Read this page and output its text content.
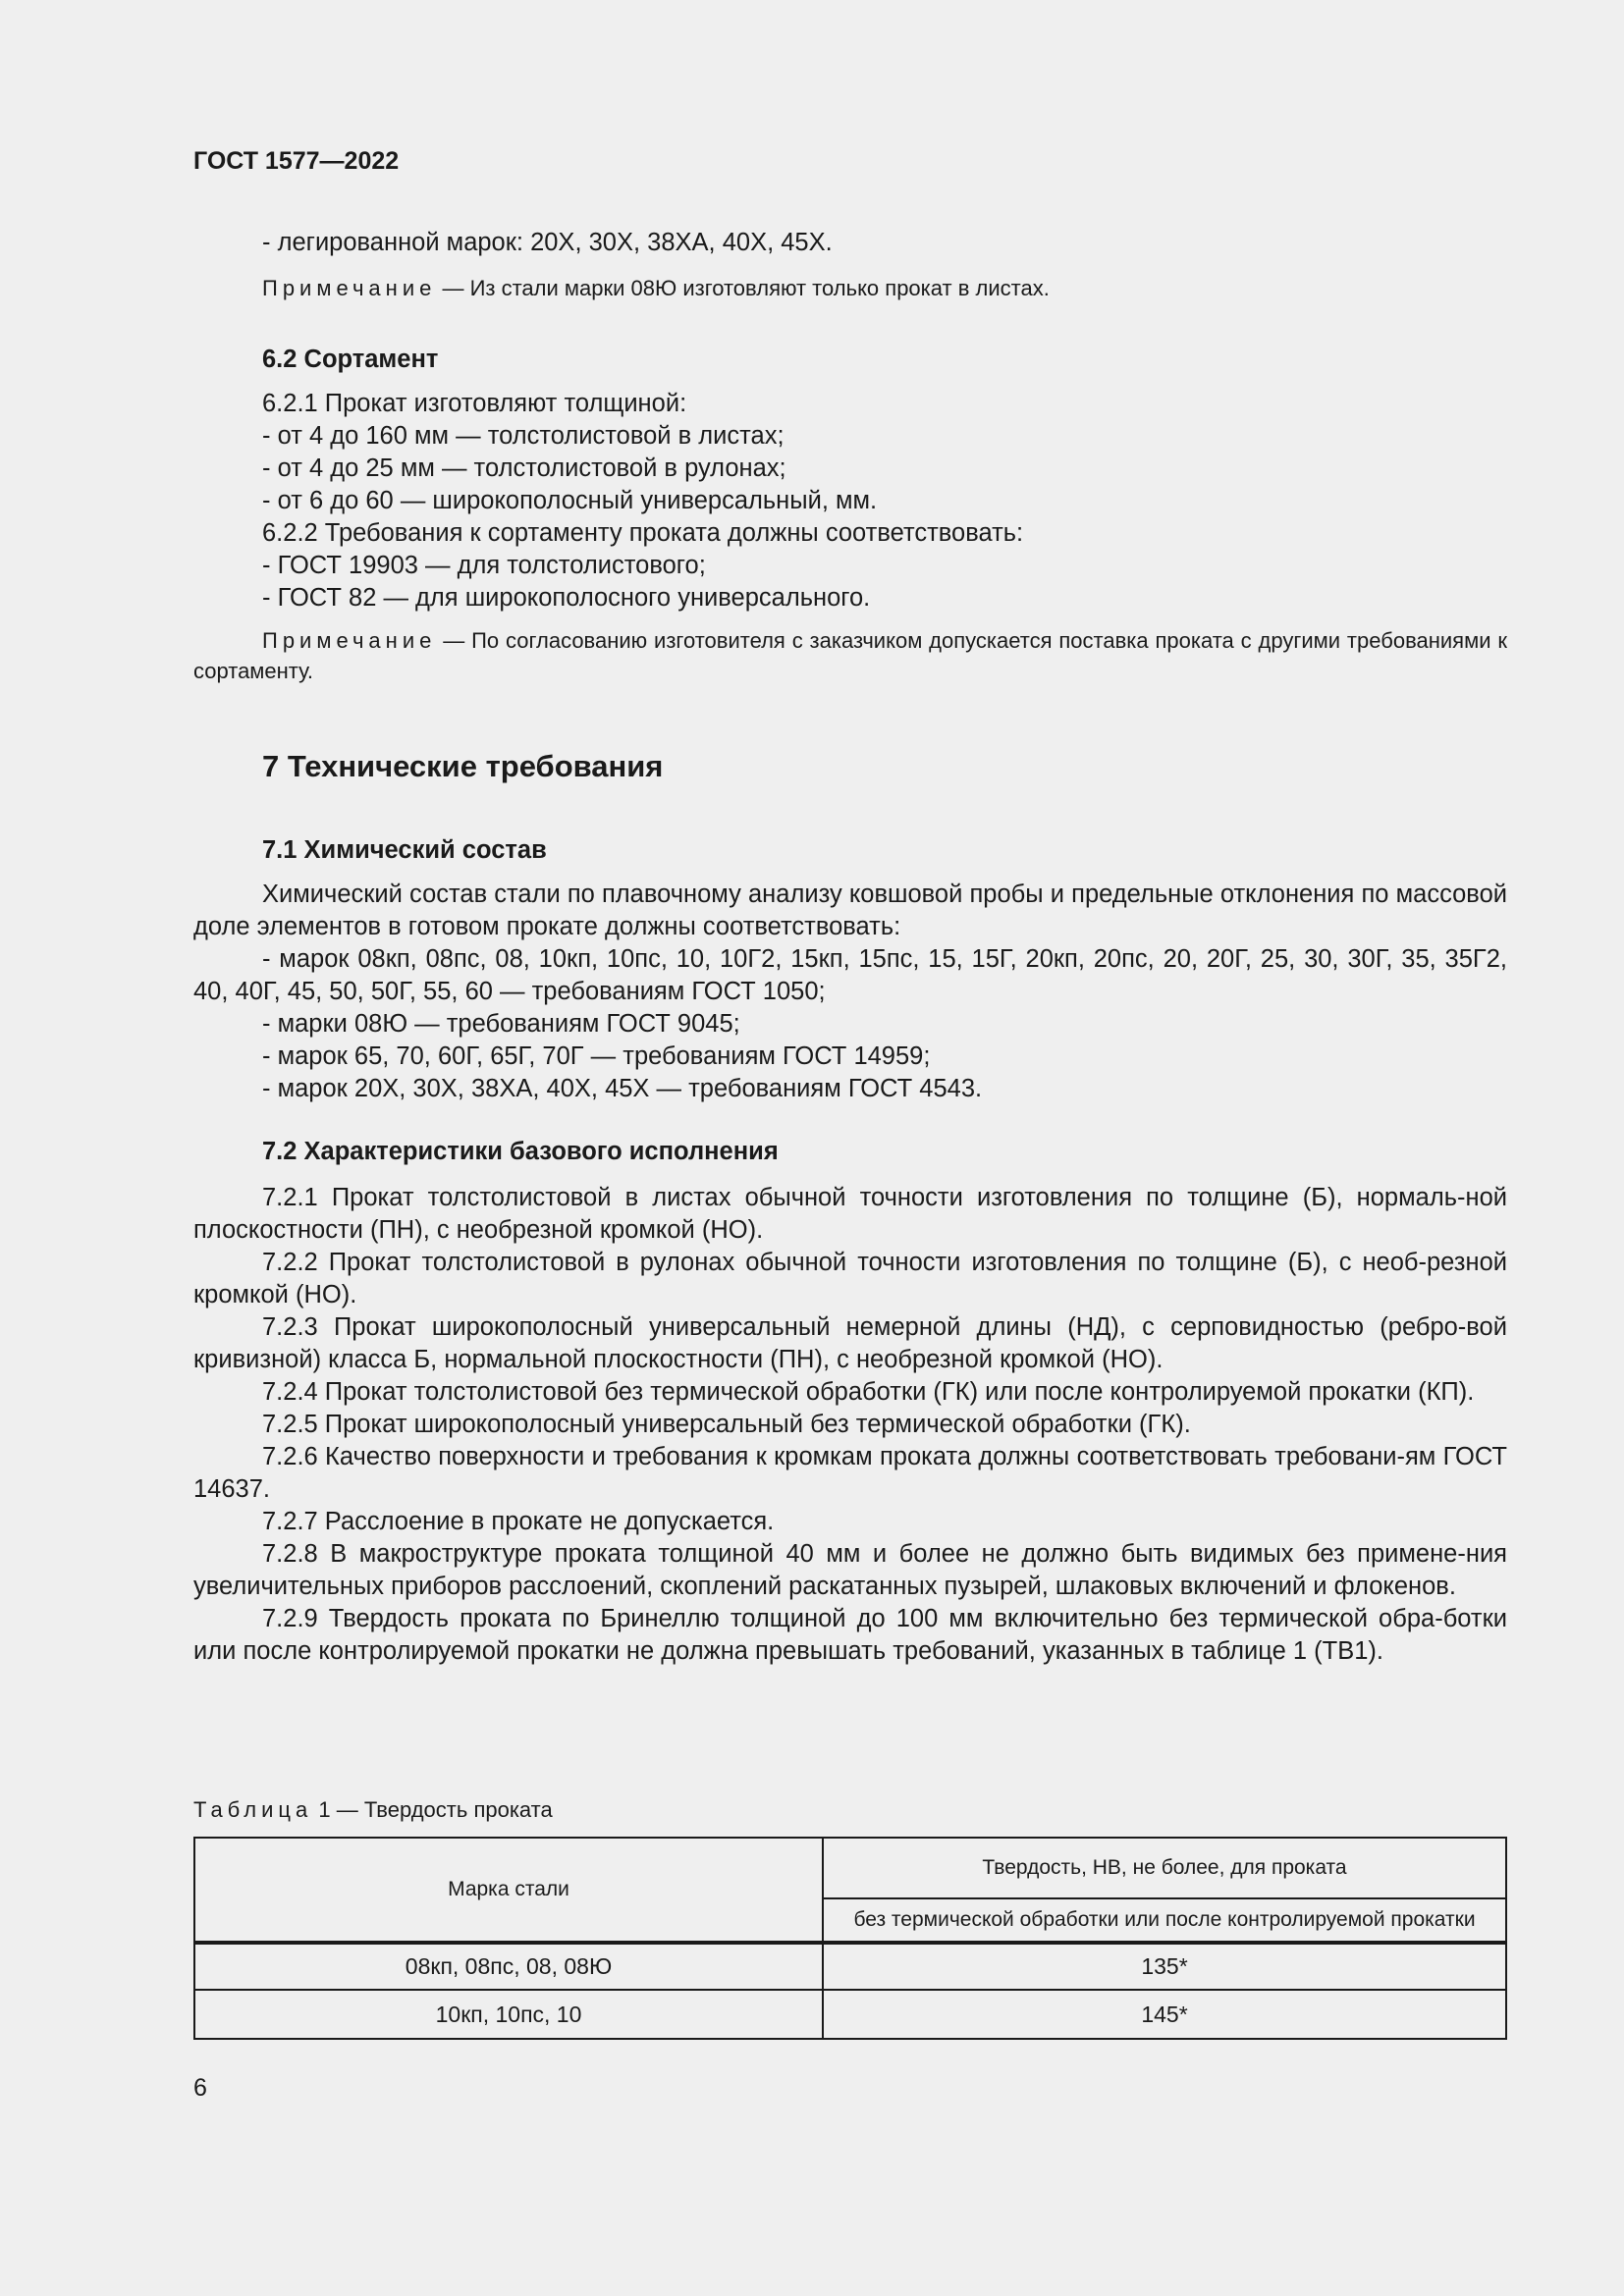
ГОСТ 1577—2022

- легированной марок: 20Х, 30Х, 38ХА, 40Х, 45Х.

Примечание — Из стали марки 08Ю изготовляют только прокат в листах.

6.2 Сортамент

6.2.1 Прокат изготовляют толщиной:

- от 4 до 160 мм — толстолистовой в листах;

- от 4 до 25 мм — толстолистовой в рулонах;

- от 6 до 60 — широкополосный универсальный, мм.

6.2.2 Требования к сортаменту проката должны соответствовать:

- ГОСТ 19903 — для толстолистового;

- ГОСТ 82 — для широкополосного универсального.

Примечание — По согласованию изготовителя с заказчиком допускается поставка проката с другими требованиями к сортаменту.

7 Технические требования

7.1 Химический состав

Химический состав стали по плавочному анализу ковшовой пробы и предельные отклонения по массовой доле элементов в готовом прокате должны соответствовать:

- марок 08кп, 08пс, 08, 10кп, 10пс, 10, 10Г2, 15кп, 15пс, 15, 15Г, 20кп, 20пс, 20, 20Г, 25, 30, 30Г, 35, 35Г2, 40, 40Г, 45, 50, 50Г, 55, 60 — требованиям ГОСТ 1050;

- марки 08Ю — требованиям ГОСТ 9045;

- марок 65, 70, 60Г, 65Г, 70Г — требованиям ГОСТ 14959;

- марок 20Х, 30Х, 38ХА, 40Х, 45Х — требованиям ГОСТ 4543.

7.2 Характеристики базового исполнения

7.2.1 Прокат толстолистовой в листах обычной точности изготовления по толщине (Б), нормаль-ной плоскостности (ПН), с необрезной кромкой (НО).

7.2.2 Прокат толстолистовой в рулонах обычной точности изготовления по толщине (Б), с необ-резной кромкой (НО).

7.2.3 Прокат широкополосный универсальный немерной длины (НД), с серповидностью (ребро-вой кривизной) класса Б, нормальной плоскостности (ПН), с необрезной кромкой (НО).

7.2.4 Прокат толстолистовой без термической обработки (ГК) или после контролируемой прокатки (КП).

7.2.5 Прокат широкополосный универсальный без термической обработки (ГК).

7.2.6 Качество поверхности и требования к кромкам проката должны соответствовать требовани-ям ГОСТ 14637.

7.2.7 Расслоение в прокате не допускается.

7.2.8 В макроструктуре проката толщиной 40 мм и более не должно быть видимых без примене-ния увеличительных приборов расслоений, скоплений раскатанных пузырей, шлаковых включений и флокенов.

7.2.9 Твердость проката по Бринеллю толщиной до 100 мм включительно без термической обра-ботки или после контролируемой прокатки не должна превышать требований, указанных в таблице 1 (ТВ1).

Таблица 1 — Твердость проката

Марка стали	Твердость, НВ, не более, для проката
	без термической обработки или после контролируемой прокатки
08кп, 08пс, 08, 08Ю	135*
10кп, 10пс, 10	145*
6
